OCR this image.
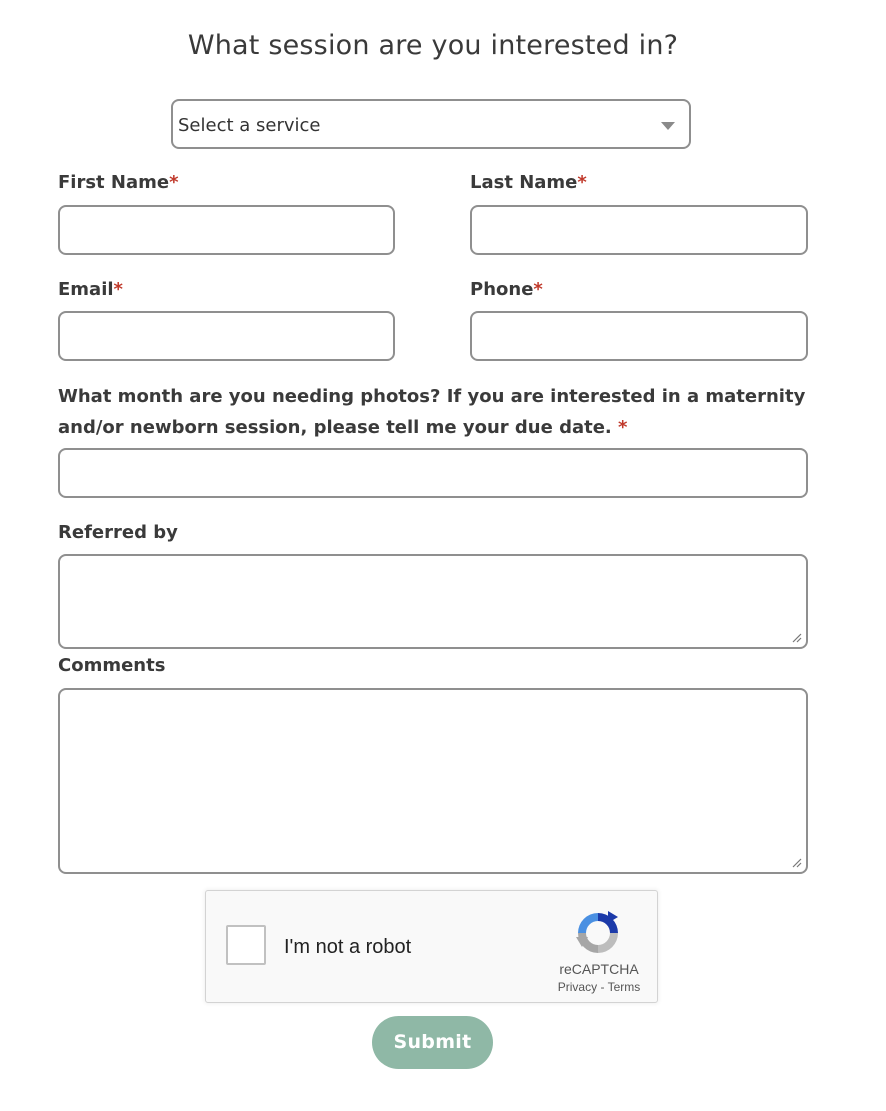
What session are you interested in?
Select a service
First Name*	Last Name*
Email*	Phone*
What month are you needing photos? If you are interested in a maternity and/or newborn session, please tell me your due date. *
Referred by
Comments
I'm not a robot
reCAPTCHA
Privacy - Terms
Submit
